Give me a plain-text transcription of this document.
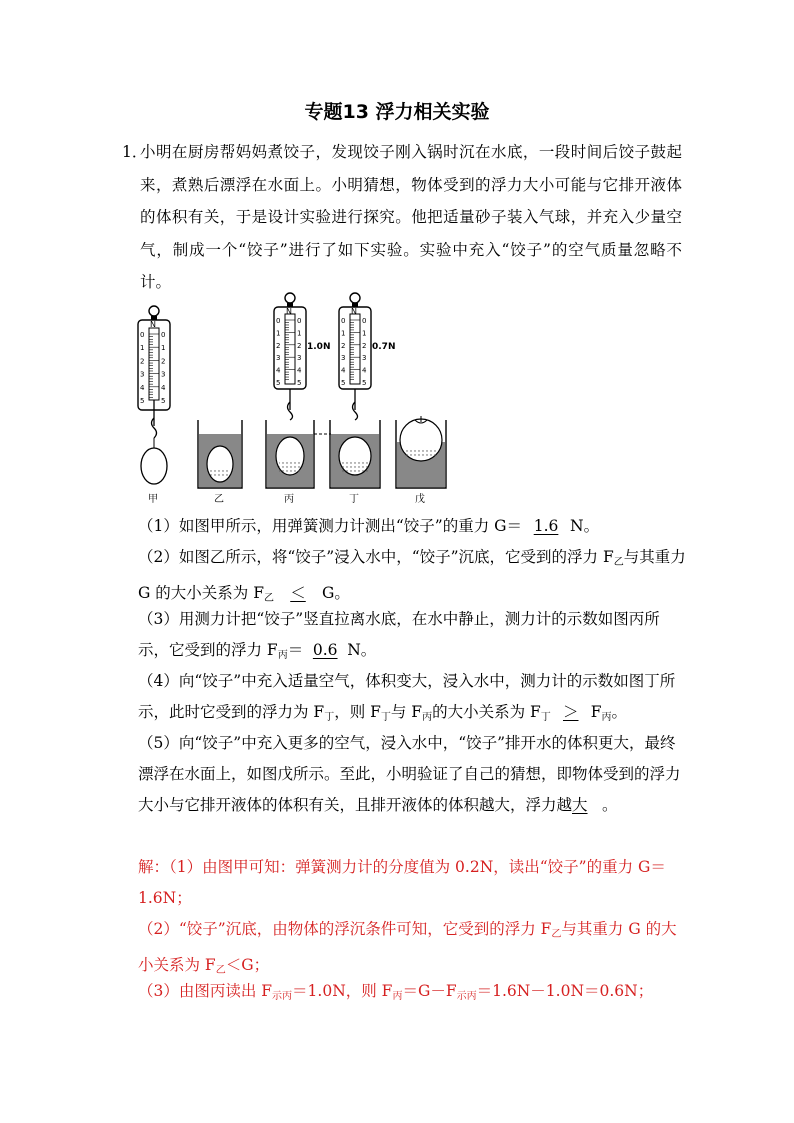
专题13 浮力相关实验
1．
小明在厨房帮妈妈煮饺子，发现饺子刚入锅时沉在水底，一段时间后饺子鼓起来，煮熟后漂浮在水面上。小明猜想，物体受到的浮力大小可能与它排开液体的体积有关，于是设计实验进行探究。他把适量砂子装入气球，并充入少量空气，制成一个“饺子”进行了如下实验。实验中充入“饺子”的空气质量忽略不计。
N
0 0
1 1
2 2
3 3
4 4
5 5
N
1.0N
0 0
1 1
2 2
3 3
4 4
5 5
N
0.7N
0 0
1 1
2 2
3 3
4 4
5 5
甲	乙	丙	丁	戊

（1）如图甲所示，用弹簧测力计测出“饺子”的重力 G＝ 1.6 N。

（2）如图乙所示，将“饺子”浸入水中，“饺子”沉底，它受到的浮力 $F_乙$与其重力 G 的大小关系为 $F_乙 < G$。

（3）用测力计把“饺子”竖直拉离水底，在水中静止，测力计的示数如图丙所示，它受到的浮力 $F_丙= 0.6$ N。

（4）向“饺子”中充入适量空气，体积变大，浸入水中，测力计的示数如图丁所示，此时它受到的浮力为 $F_丁$，则 $F_丁$与 $F_丙$的大小关系为 $F_丁 > F_丙$。

（5）向“饺子”中充入更多的空气，浸入水中，“饺子”排开水的体积更大，最终漂浮在水面上，如图戊所示。至此，小明验证了自己的猜想，即物体受到的浮力大小与它排开液体的体积有关，且排开液体的体积越大，浮力越大 。

解：（1）由图甲可知：弹簧测力计的分度值为 0.2N，读出“饺子”的重力 G＝1.6N；

（2）“饺子”沉底，由物体的浮沉条件可知，它受到的浮力 $F_乙$与其重力 G 的大小关系为 $F_乙<G$；

（3）由图丙读出 $F_{示丙}=1.0N$，则 $F_丙=G-F_{示丙}=1.6N-1.0N=0.6N$；
